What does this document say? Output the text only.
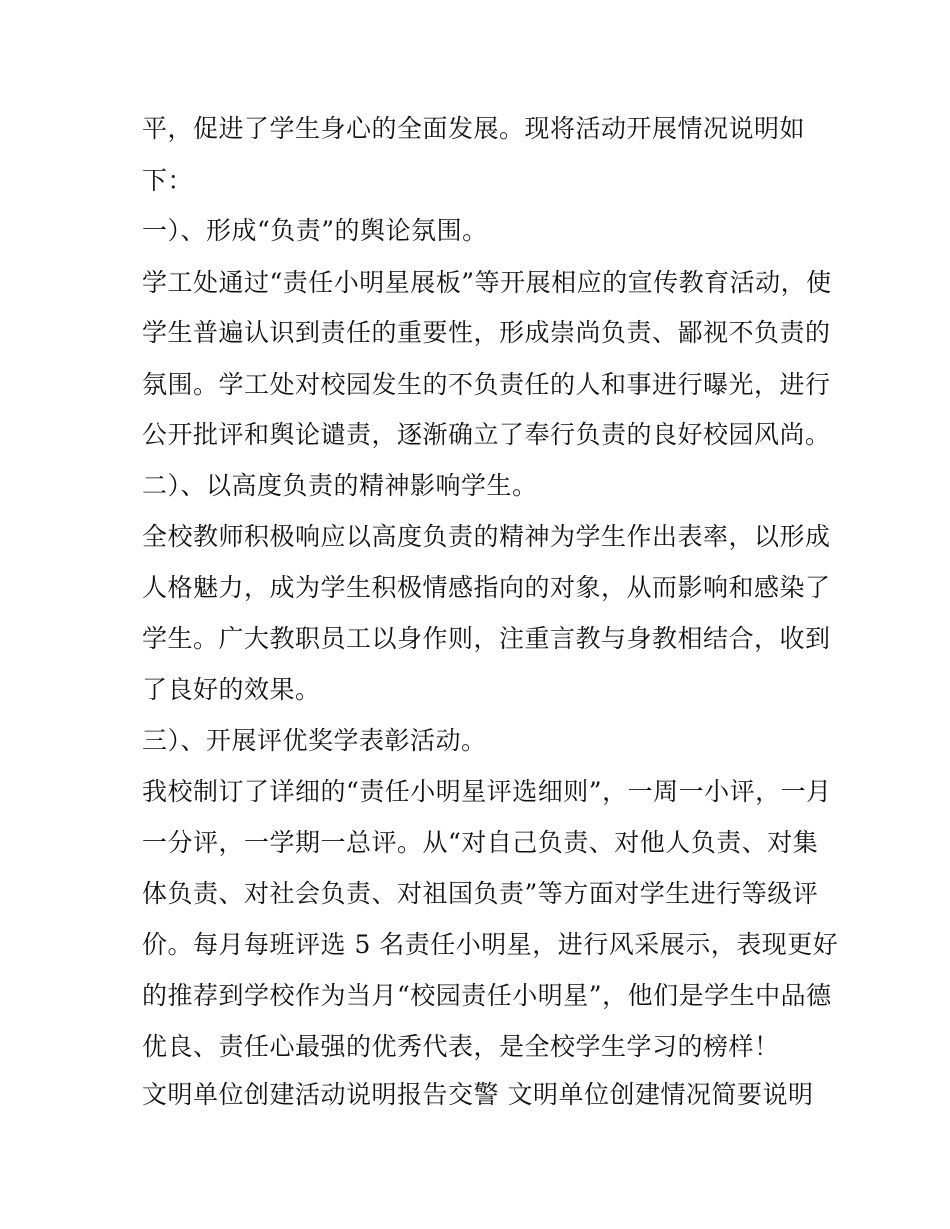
平，促进了学生身心的全面发展。现将活动开展情况说明如
下：
一）、形成“负责”的舆论氛围。
学工处通过“责任小明星展板”等开展相应的宣传教育活动，使
学生普遍认识到责任的重要性，形成崇尚负责、鄙视不负责的
氛围。学工处对校园发生的不负责任的人和事进行曝光，进行
公开批评和舆论谴责，逐渐确立了奉行负责的良好校园风尚。
二）、以高度负责的精神影响学生。
全校教师积极响应以高度负责的精神为学生作出表率，以形成
人格魅力，成为学生积极情感指向的对象，从而影响和感染了
学生。广大教职员工以身作则，注重言教与身教相结合，收到
了良好的效果。
三）、开展评优奖学表彰活动。
我校制订了详细的“责任小明星评选细则”，一周一小评，一月
一分评，一学期一总评。从“对自己负责、对他人负责、对集
体负责、对社会负责、对祖国负责”等方面对学生进行等级评
价。每月每班评选 5 名责任小明星，进行风采展示，表现更好
的推荐到学校作为当月“校园责任小明星”，他们是学生中品德
优良、责任心最强的优秀代表，是全校学生学习的榜样！
文明单位创建活动说明报告交警 文明单位创建情况简要说明
